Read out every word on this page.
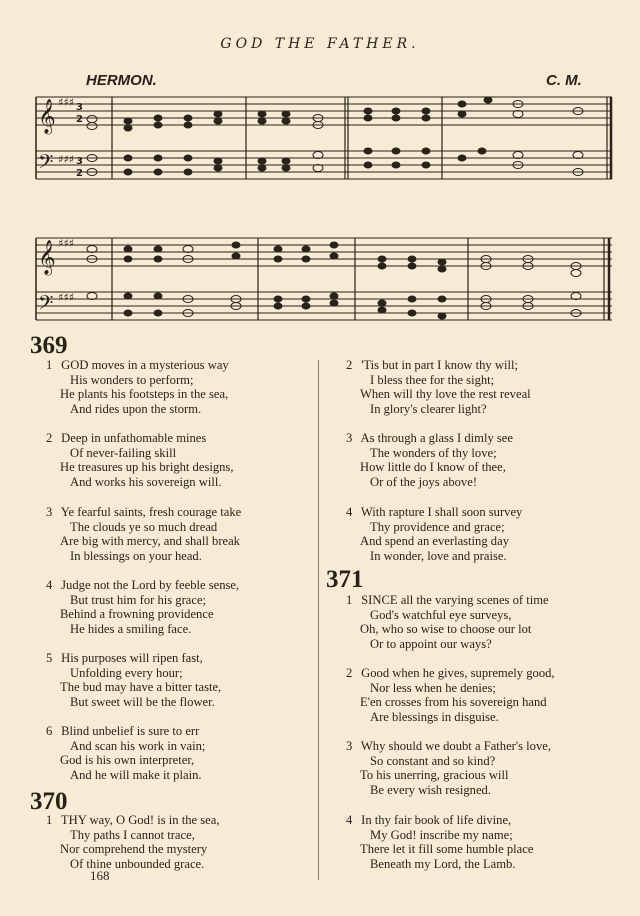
GOD THE FATHER.
HERMON.	C. M.
𝄞
𝄢
𝄞
𝄢
♯♯♯
♯♯♯
♯♯♯
♯♯♯
3
2
3
2
369
1 GOD moves in a mysterious way
His wonders to perform;
He plants his footsteps in the sea,
And rides upon the storm.
2 Deep in unfathomable mines
Of never-failing skill
He treasures up his bright designs,
And works his sovereign will.
3 Ye fearful saints, fresh courage take
The clouds ye so much dread
Are big with mercy, and shall break
In blessings on your head.
4 Judge not the Lord by feeble sense,
But trust him for his grace;
Behind a frowning providence
He hides a smiling face.
5 His purposes will ripen fast,
Unfolding every hour;
The bud may have a bitter taste,
But sweet will be the flower.
6 Blind unbelief is sure to err
And scan his work in vain;
God is his own interpreter,
And he will make it plain.
370
1 THY way, O God! is in the sea,
Thy paths I cannot trace,
Nor comprehend the mystery
Of thine unbounded grace.
2 'Tis but in part I know thy will;
I bless thee for the sight;
When will thy love the rest reveal
In glory's clearer light?
3 As through a glass I dimly see
The wonders of thy love;
How little do I know of thee,
Or of the joys above!
4 With rapture I shall soon survey
Thy providence and grace;
And spend an everlasting day
In wonder, love and praise.
371
1 SINCE all the varying scenes of time
God's watchful eye surveys,
Oh, who so wise to choose our lot
Or to appoint our ways?
2 Good when he gives, supremely good,
Nor less when he denies;
E'en crosses from his sovereign hand
Are blessings in disguise.
3 Why should we doubt a Father's love,
So constant and so kind?
To his unerring, gracious will
Be every wish resigned.
4 In thy fair book of life divine,
My God! inscribe my name;
There let it fill some humble place
Beneath my Lord, the Lamb.
168
